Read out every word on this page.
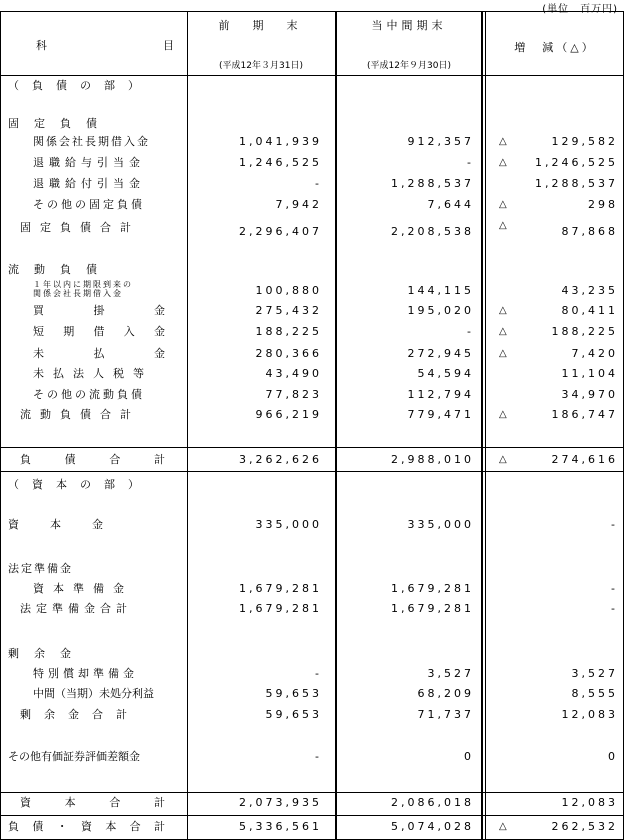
(単位　百万円)
科	目
前　期　末
(平成12年３月31日)
当中間期末
(平成12年９月30日)
増　減（△）
（　負　債　の　部　）
固　定　負　債
関係会社長期借入金	1,041,939	912,357	△	129,582
退職給与引当金	1,246,525	-	△	1,246,525
退職給付引当金	-	1,288,537	1,288,537
その他の固定負債	7,942	7,644	△	298
固定負債合計	2,296,407	2,208,538	△	87,868
流　動　負　債
１年以内に期限到来の
関係会社長期借入金	100,880	144,115	43,235
買	掛	金	275,432	195,020	△	80,411
短 期 借 入 金	188,225	-	△	188,225
未	払	金	280,366	272,945	△	7,420
未払法人税等	43,490	54,594	11,104
その他の流動負債	77,823	112,794	34,970
流動負債合計	966,219	779,471	△	186,747
負	債	合	計	3,262,626	2,988,010	△	274,616
（　資　本　の　部　）
資	本	金	335,000	335,000	-
法定準備金
資本準備金	1,679,281	1,679,281	-
法定準備金合計	1,679,281	1,679,281	-
剰　余　金
特別償却準備金	-	3,527	3,527
中間（当期）未処分利益	59,653	68,209	8,555
剰余金合計	59,653	71,737	12,083
その他有価証券評価差額金	-	0	0
資	本	合	計	2,073,935	2,086,018	12,083
負 債 ・ 資 本 合 計	5,336,561	5,074,028	△	262,532
